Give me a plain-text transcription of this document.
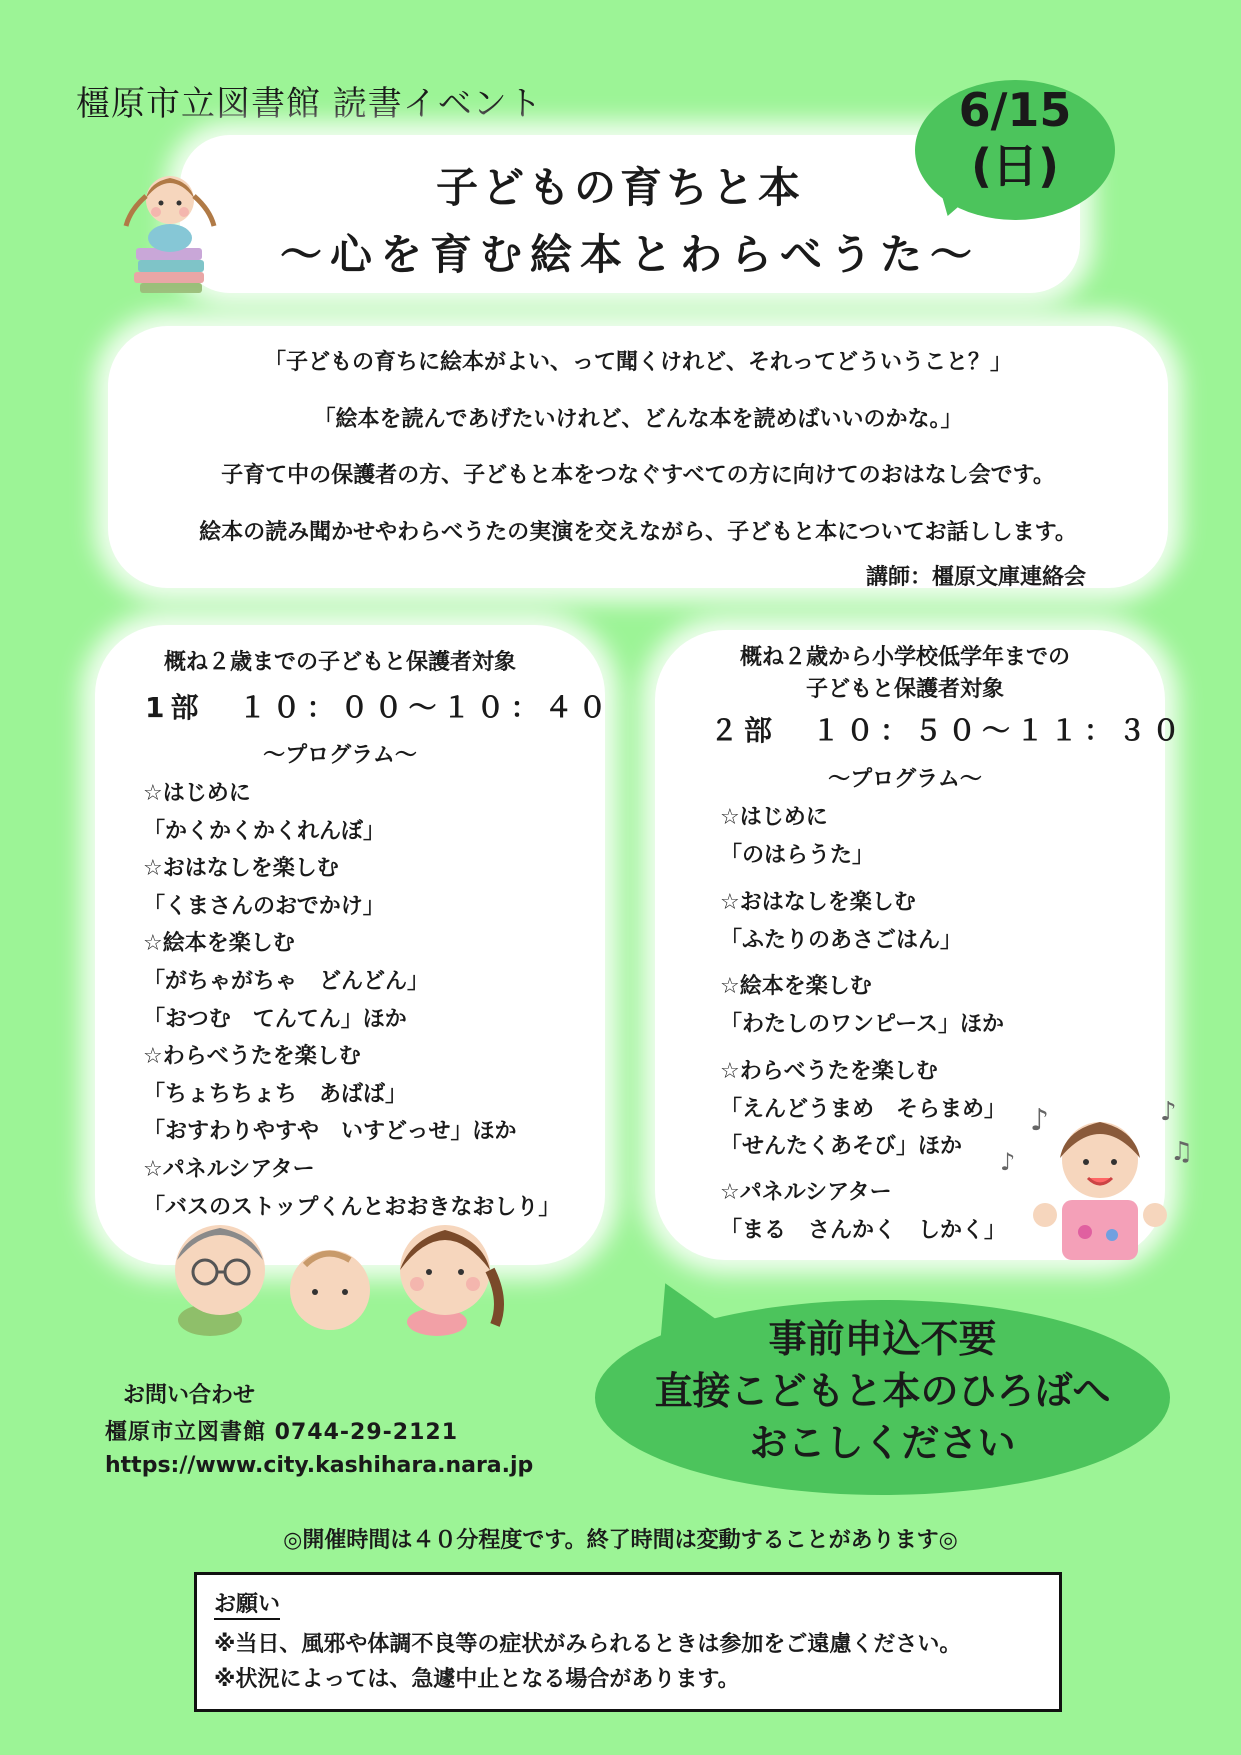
橿原市立図書館 読書イベント
子どもの育ちと本
〜心を育む絵本とわらべうた〜
6/15
(日)
「子どもの育ちに絵本がよい、って聞くけれど、それってどういうこと？」
「絵本を読んであげたいけれど、どんな本を読めばいいのかな。」
子育て中の保護者の方、子どもと本をつなぐすべての方に向けてのおはなし会です。
絵本の読み聞かせやわらべうたの実演を交えながら、子どもと本についてお話しします。
講師：橿原文庫連絡会
概ね２歳までの子どもと保護者対象
1部　１０：００〜１０：４０
〜プログラム〜
☆はじめに
「かくかくかくれんぼ」
☆おはなしを楽しむ
「くまさんのおでかけ」
☆絵本を楽しむ
「がちゃがちゃ　どんどん」
「おつむ　てんてん」ほか
☆わらべうたを楽しむ
「ちょちちょち　あばば」
「おすわりやすや　いすどっせ」ほか
☆パネルシアター
「バスのストップくんとおおきなおしり」
概ね２歳から小学校低学年までの
子どもと保護者対象
２部　１０：５０〜１１：３０
〜プログラム〜
☆はじめに
「のはらうた」
☆おはなしを楽しむ
「ふたりのあさごはん」
☆絵本を楽しむ
「わたしのワンピース」ほか
☆わらべうたを楽しむ
「えんどうまめ　そらまめ」
「せんたくあそび」ほか
☆パネルシアター
「まる　さんかく　しかく」
♪	♪
♫
♪
お問い合わせ
橿原市立図書館 0744-29-2121
https://www.city.kashihara.nara.jp
事前申込不要
直接こどもと本のひろばへ
おこしください
◎開催時間は４０分程度です。終了時間は変動することがあります◎
お願い
※当日、風邪や体調不良等の症状がみられるときは参加をご遠慮ください。
※状況によっては、急遽中止となる場合があります。
